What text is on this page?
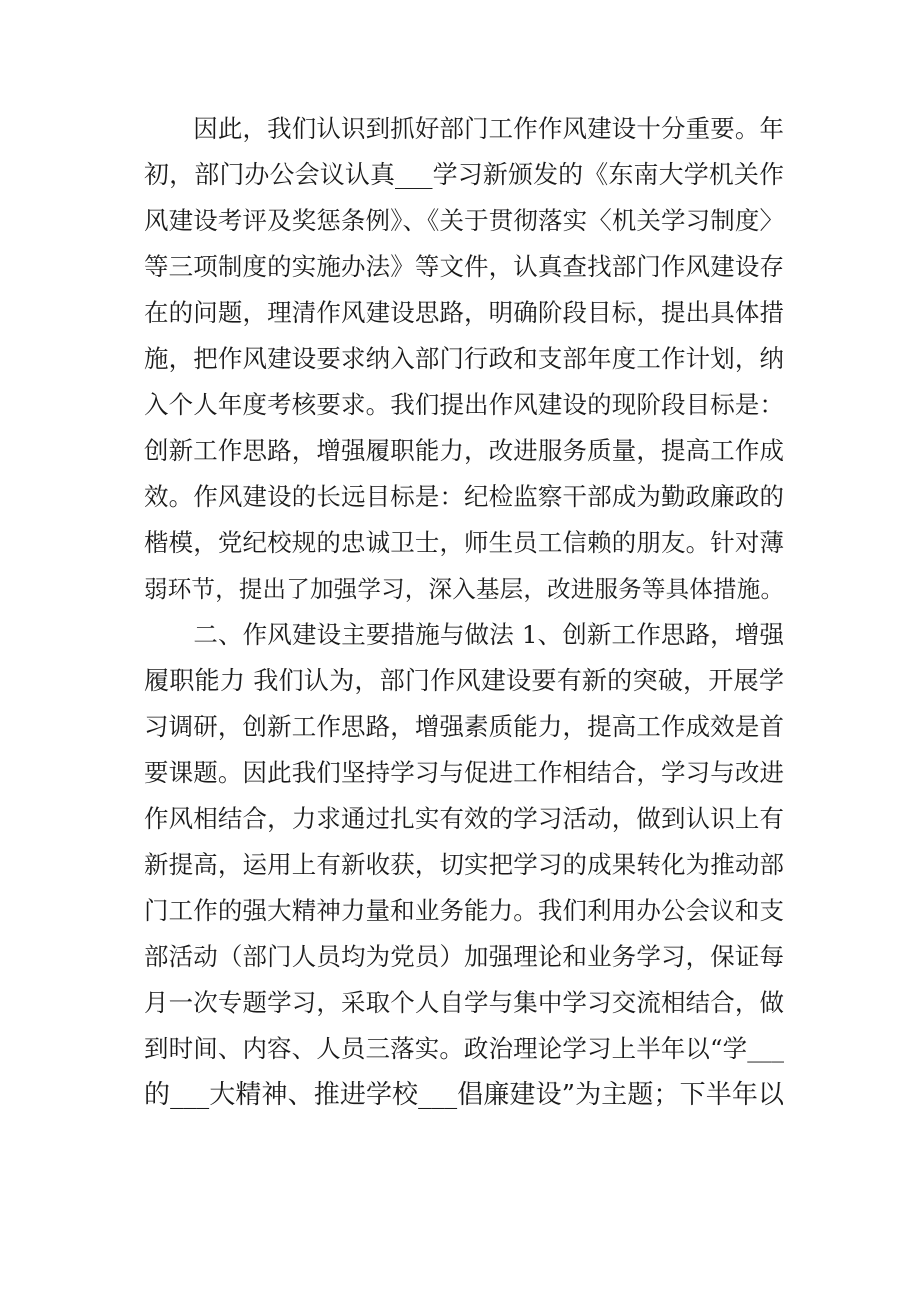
　　因此，我们认识到抓好部门工作作风建设十分重要。年
初，部门办公会议认真___学习新颁发的《东南大学机关作
风建设考评及奖惩条例》、《关于贯彻落实〈机关学习制度〉
等三项制度的实施办法》等文件，认真查找部门作风建设存
在的问题，理清作风建设思路，明确阶段目标，提出具体措
施，把作风建设要求纳入部门行政和支部年度工作计划，纳
入个人年度考核要求。我们提出作风建设的现阶段目标是：
创新工作思路，增强履职能力，改进服务质量，提高工作成
效。作风建设的长远目标是：纪检监察干部成为勤政廉政的
楷模，党纪校规的忠诚卫士，师生员工信赖的朋友。针对薄
弱环节，提出了加强学习，深入基层，改进服务等具体措施。
　　二、作风建设主要措施与做法 1、创新工作思路，增强
履职能力 我们认为，部门作风建设要有新的突破，开展学
习调研，创新工作思路，增强素质能力，提高工作成效是首
要课题。因此我们坚持学习与促进工作相结合，学习与改进
作风相结合，力求通过扎实有效的学习活动，做到认识上有
新提高，运用上有新收获，切实把学习的成果转化为推动部
门工作的强大精神力量和业务能力。我们利用办公会议和支
部活动（部门人员均为党员）加强理论和业务学习，保证每
月一次专题学习，采取个人自学与集中学习交流相结合，做
到时间、内容、人员三落实。政治理论学习上半年以“学___
的___大精神、推进学校___倡廉建设”为主题；下半年以
